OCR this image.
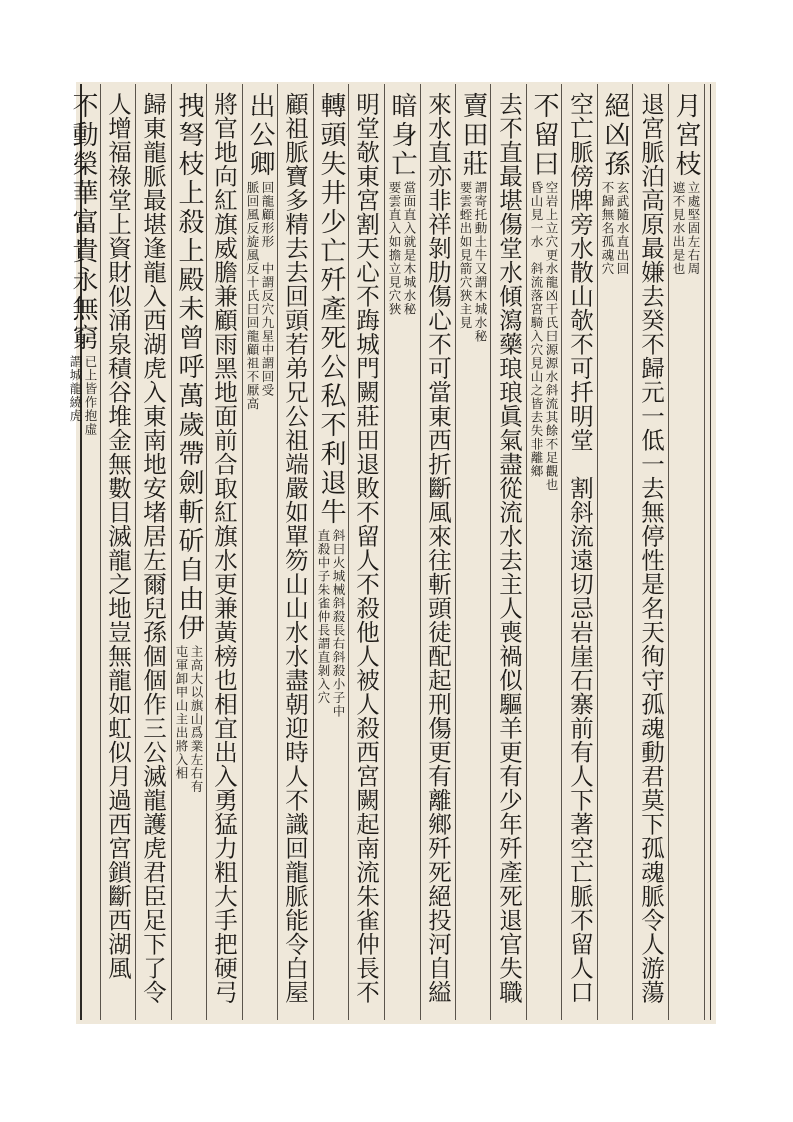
月宮枝
立處堅固左右周
遮不見水出是也
退宮脈泊高原最嫌去癸不歸元一低一去無停性是名天徇守孤魂動君莫下孤魂脈令人游蕩
絕凶孫
玄武隨水直出回
不歸無名孤魂穴
空亡脈傍牌旁水散山欹不可扦明堂　割斜流遠切忌岩崖石寨前有人下著空亡脈不留人口
不留曰
空岩上立穴更水龍凶干氏曰源源水斜流其餘不足觀也
昏山見一水　斜流落宮騎入穴見山之皆去失非離鄉
去不直最堪傷堂水傾瀉藥琅琅眞氣盡從流水去主人喪禍似驅羊更有少年歼產死退官失職
賣田莊
謂寄托動土牛又謂木城水秘
要雲蛭出如見箭穴狹主見
來水直亦非祥剝肋傷心不可當東西折斷風來往斬頭徒配起刑傷更有離鄉歼死絕投河自縊
暗身亡
當面直入就是木城水秘
要雲直入如擔立見穴狹
明堂欹東宮割天心不踇城門闕莊田退敗不留人不殺他人被人殺西宮闕起南流朱雀仲長不
轉頭失井少亡歼產死公私不利退牛
斜曰火城械斜殺長右斜殺小子中
直殺中子朱雀仲長謂直剝入穴
顧祖脈寶多精去去回頭若弟兄公祖端嚴如單笏山山水水盡朝迎時人不識回龍脈能令白屋
出公卿
回龍顧形形　中謂反穴九星中謂回受
脈回風反旋風反十氏曰回龍顧祖不厭高
將官地向紅旗威膽兼顧雨黑地面前合取紅旗水更兼黃榜也相宜出入勇猛力粗大手把硬弓
拽弩枝上殺上殿未曾呼萬歲帶劍斬斫自由伊
主高大以旗山爲業左右有
屯軍卸甲山主出將入相
歸東龍脈最堪逢龍入西湖虎入東南地安堵居左爾兒孫個個作三公滅龍護虎君臣足下了令
人增福祿堂上資財似涌泉積谷堆金無數目滅龍之地豈無龍如虹似月過西宮鎖斷西湖風
不動榮華富貴永無窮
已上皆作抱虛
謂城龍繞虎
